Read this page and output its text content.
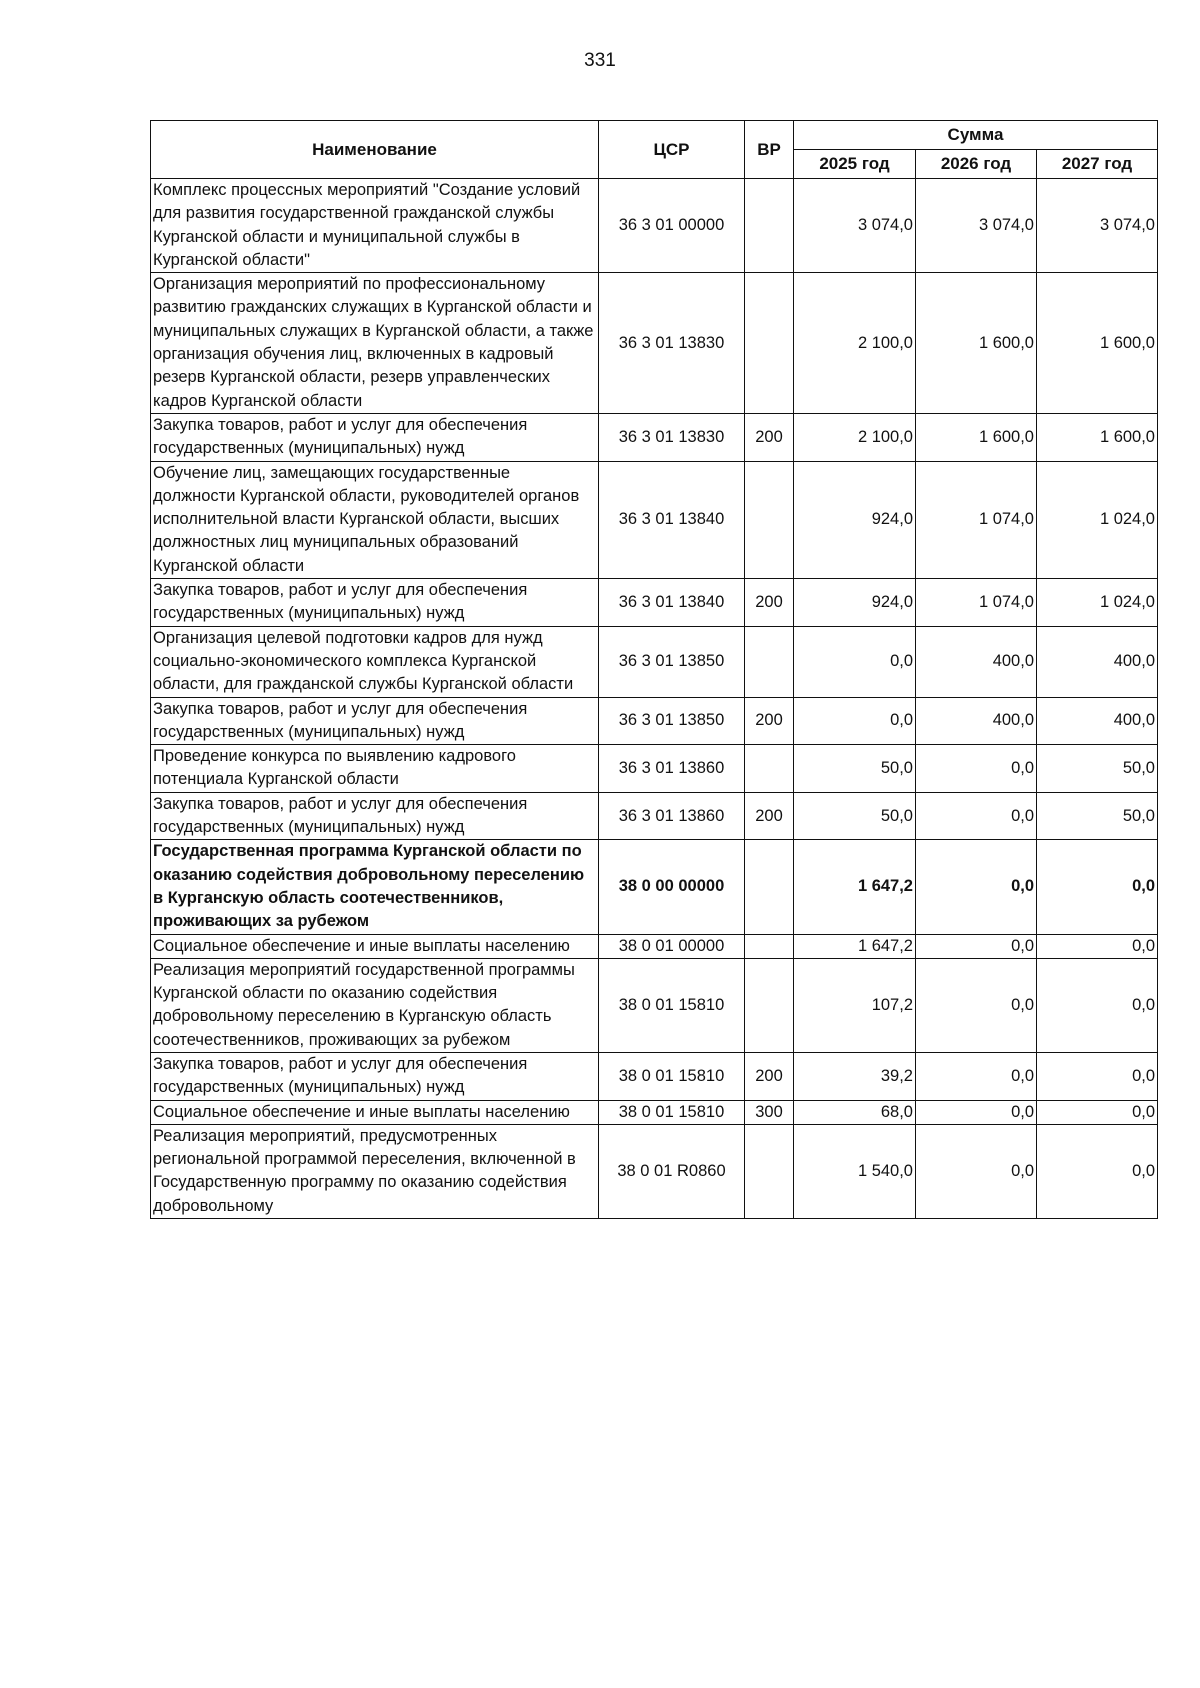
331
Наименование	ЦСР	ВР	Сумма		
			2025 год	2026 год	2027 год
Комплекс процессных мероприятий "Создание условий для развития государственной гражданской службы Курганской области и муниципальной службы в Курганской области"	36 3 01 00000		3 074,0	3 074,0	3 074,0
Организация мероприятий по профессиональному развитию гражданских служащих в Курганской области и муниципальных служащих в Курганской области, а также организация обучения лиц, включенных в кадровый резерв Курганской области, резерв управленческих кадров Курганской области	36 3 01 13830		2 100,0	1 600,0	1 600,0
Закупка товаров, работ и услуг для обеспечения государственных (муниципальных) нужд	36 3 01 13830	200	2 100,0	1 600,0	1 600,0
Обучение лиц, замещающих государственные должности Курганской области, руководителей органов исполнительной власти Курганской области, высших должностных лиц муниципальных образований Курганской области	36 3 01 13840		924,0	1 074,0	1 024,0
Закупка товаров, работ и услуг для обеспечения государственных (муниципальных) нужд	36 3 01 13840	200	924,0	1 074,0	1 024,0
Организация целевой подготовки кадров для нужд социально-экономического комплекса Курганской области, для гражданской службы Курганской области	36 3 01 13850		0,0	400,0	400,0
Закупка товаров, работ и услуг для обеспечения государственных (муниципальных) нужд	36 3 01 13850	200	0,0	400,0	400,0
Проведение конкурса по выявлению кадрового потенциала Курганской области	36 3 01 13860		50,0	0,0	50,0
Закупка товаров, работ и услуг для обеспечения государственных (муниципальных) нужд	36 3 01 13860	200	50,0	0,0	50,0
Государственная программа Курганской области по оказанию содействия добровольному переселению в Курганскую область соотечественников, проживающих за рубежом	38 0 00 00000		1 647,2	0,0	0,0
Социальное обеспечение и иные выплаты населению	38 0 01 00000		1 647,2	0,0	0,0
Реализация мероприятий государственной программы Курганской области по оказанию содействия добровольному переселению в Курганскую область соотечественников, проживающих за рубежом	38 0 01 15810		107,2	0,0	0,0
Закупка товаров, работ и услуг для обеспечения государственных (муниципальных) нужд	38 0 01 15810	200	39,2	0,0	0,0
Социальное обеспечение и иные выплаты населению	38 0 01 15810	300	68,0	0,0	0,0
Реализация мероприятий, предусмотренных региональной программой переселения, включенной в Государственную программу по оказанию содействия добровольному	38 0 01 R0860		1 540,0	0,0	0,0
